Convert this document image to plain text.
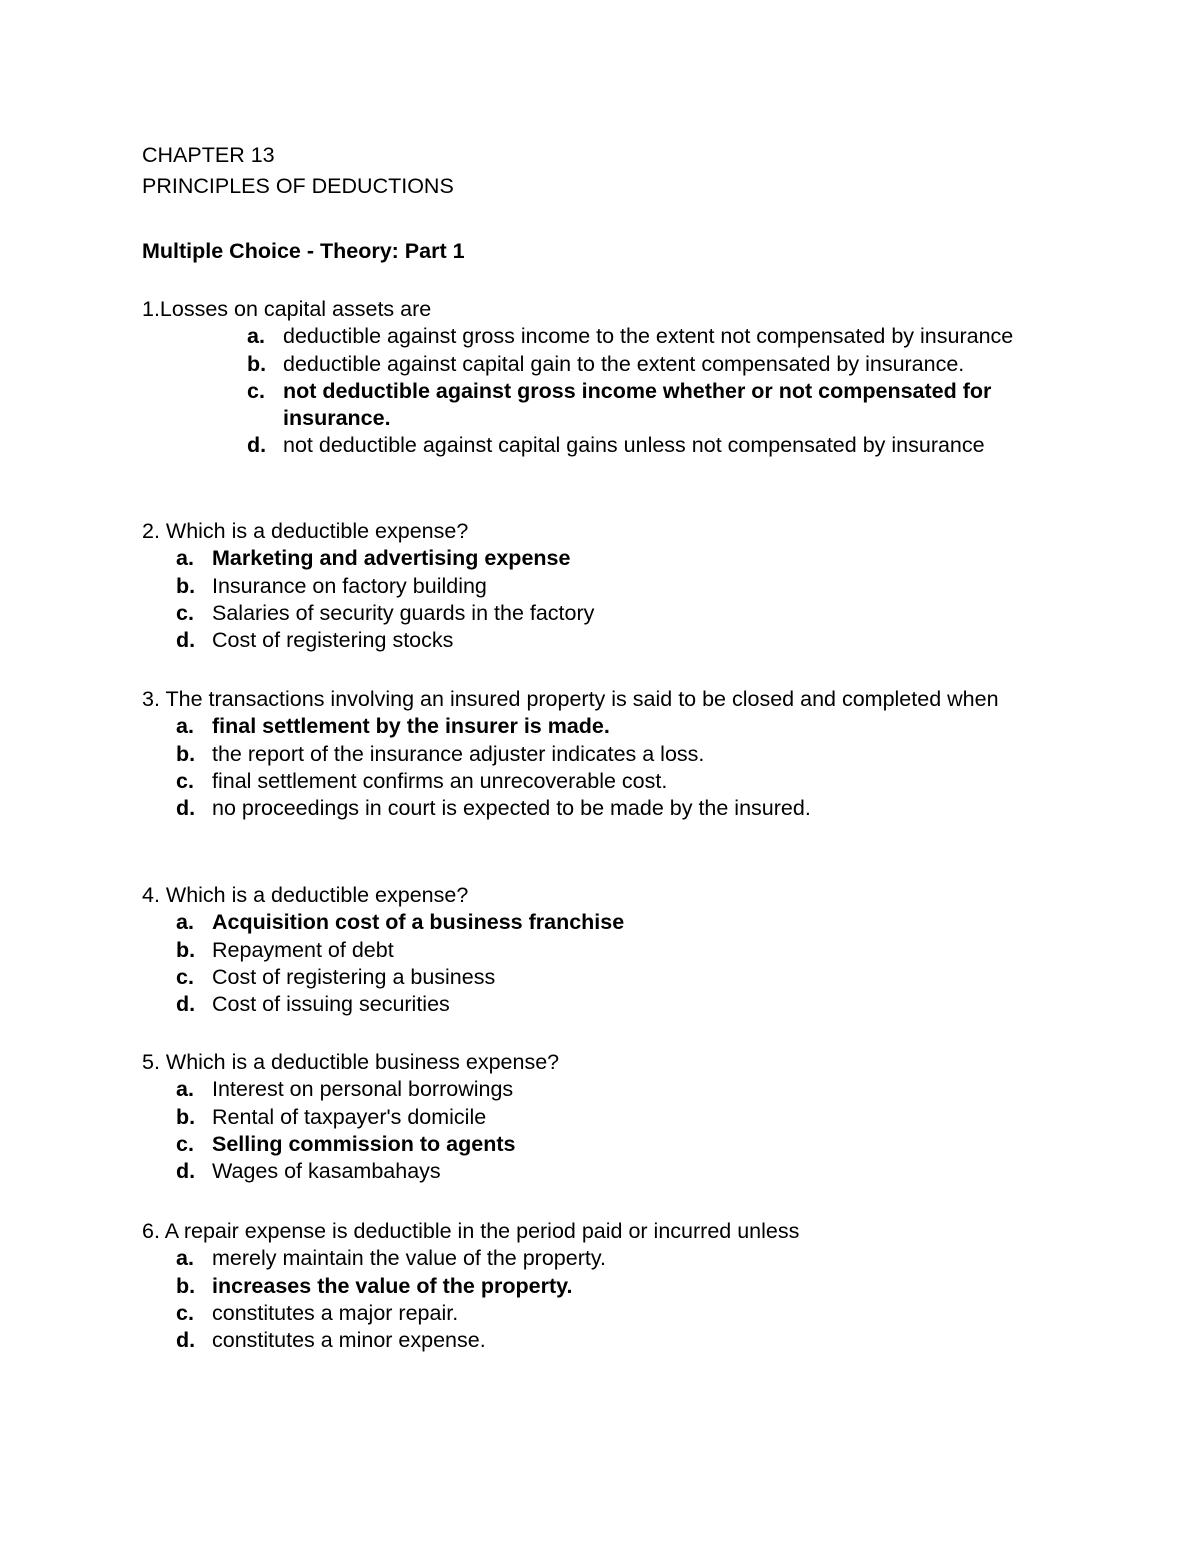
CHAPTER 13
PRINCIPLES OF DEDUCTIONS
Multiple Choice - Theory: Part 1

1.Losses on capital assets are

a. deductible against gross income to the extent not compensated by insurance
b. deductible against capital gain to the extent compensated by insurance.
c. not deductible against gross income whether or not compensated for insurance.
d. not deductible against capital gains unless not compensated by insurance

2. Which is a deductible expense?

a. Marketing and advertising expense
b. Insurance on factory building
c. Salaries of security guards in the factory
d. Cost of registering stocks

3. The transactions involving an insured property is said to be closed and completed when

a. final settlement by the insurer is made.
b. the report of the insurance adjuster indicates a loss.
c. final settlement confirms an unrecoverable cost.
d. no proceedings in court is expected to be made by the insured.

4. Which is a deductible expense?

a. Acquisition cost of a business franchise
b. Repayment of debt
c. Cost of registering a business
d. Cost of issuing securities

5. Which is a deductible business expense?

a. Interest on personal borrowings
b. Rental of taxpayer's domicile
c. Selling commission to agents
d. Wages of kasambahays

6. A repair expense is deductible in the period paid or incurred unless

a. merely maintain the value of the property.
b. increases the value of the property.
c. constitutes a major repair.
d. constitutes a minor expense.
